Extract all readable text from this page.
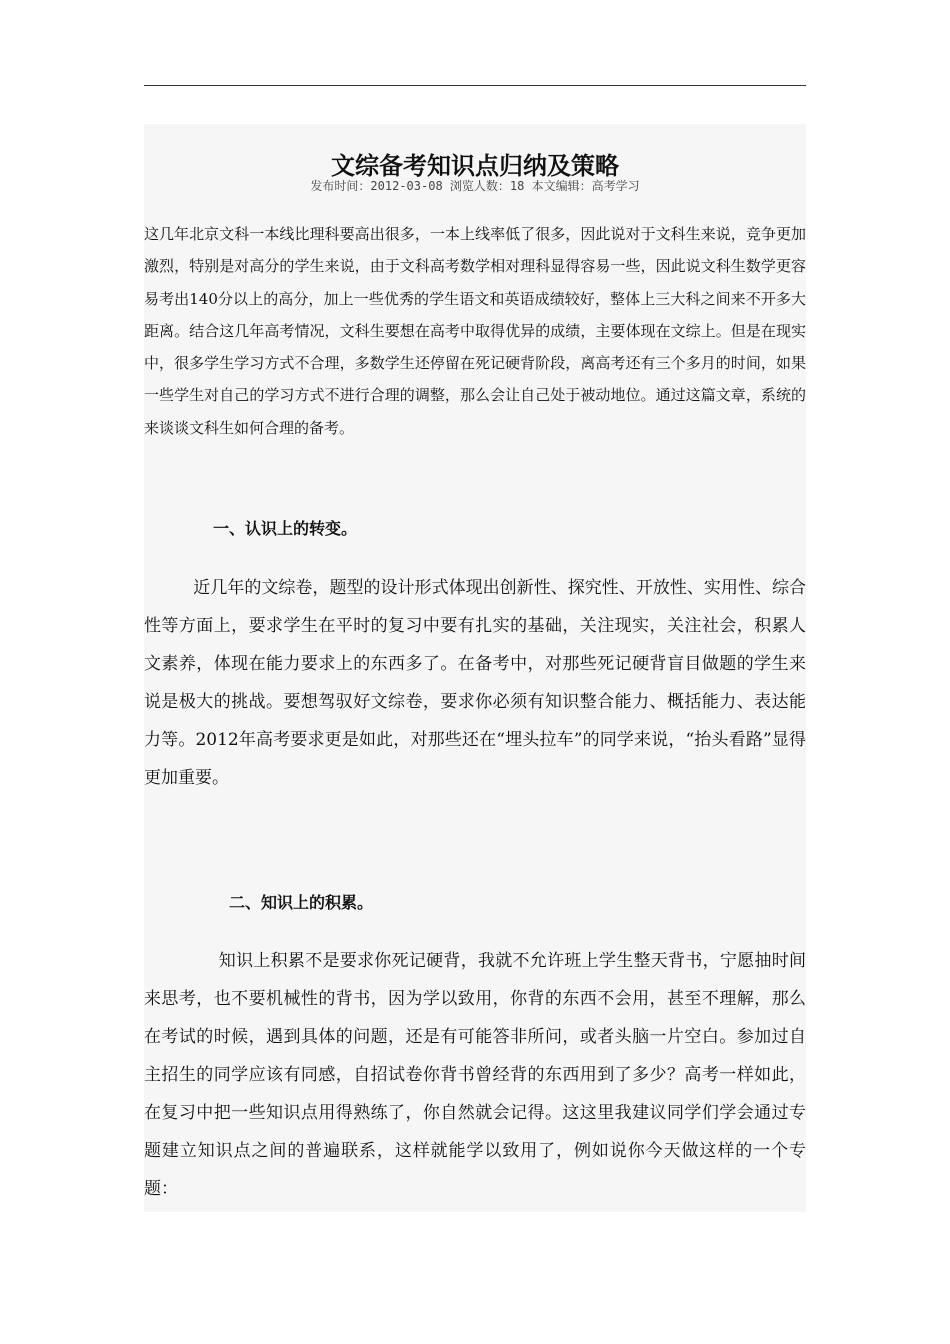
文综备考知识点归纳及策略
发布时间：2012-03-08 浏览人数：18 本文编辑：高考学习

这几年北京文科一本线比理科要高出很多，一本上线率低了很多，因此说对于文科生来说，竞争更加激烈，特别是对高分的学生来说，由于文科高考数学相对理科显得容易一些，因此说文科生数学更容易考出140分以上的高分，加上一些优秀的学生语文和英语成绩较好，整体上三大科之间来不开多大距离。结合这几年高考情况，文科生要想在高考中取得优异的成绩，主要体现在文综上。但是在现实中，很多学生学习方式不合理，多数学生还停留在死记硬背阶段，离高考还有三个多月的时间，如果一些学生对自己的学习方式不进行合理的调整，那么会让自己处于被动地位。通过这篇文章，系统的来谈谈文科生如何合理的备考。

一、认识上的转变。

近几年的文综卷，题型的设计形式体现出创新性、探究性、开放性、实用性、综合性等方面上，要求学生在平时的复习中要有扎实的基础，关注现实，关注社会，积累人文素养，体现在能力要求上的东西多了。在备考中，对那些死记硬背盲目做题的学生来说是极大的挑战。要想驾驭好文综卷，要求你必须有知识整合能力、概括能力、表达能力等。2012年高考要求更是如此，对那些还在“埋头拉车”的同学来说，“抬头看路”显得更加重要。

二、知识上的积累。

知识上积累不是要求你死记硬背，我就不允许班上学生整天背书，宁愿抽时间来思考，也不要机械性的背书，因为学以致用，你背的东西不会用，甚至不理解，那么在考试的时候，遇到具体的问题，还是有可能答非所问，或者头脑一片空白。参加过自主招生的同学应该有同感，自招试卷你背书曾经背的东西用到了多少？高考一样如此，在复习中把一些知识点用得熟练了，你自然就会记得。这这里我建议同学们学会通过专题建立知识点之间的普遍联系，这样就能学以致用了，例如说你今天做这样的一个专题：
